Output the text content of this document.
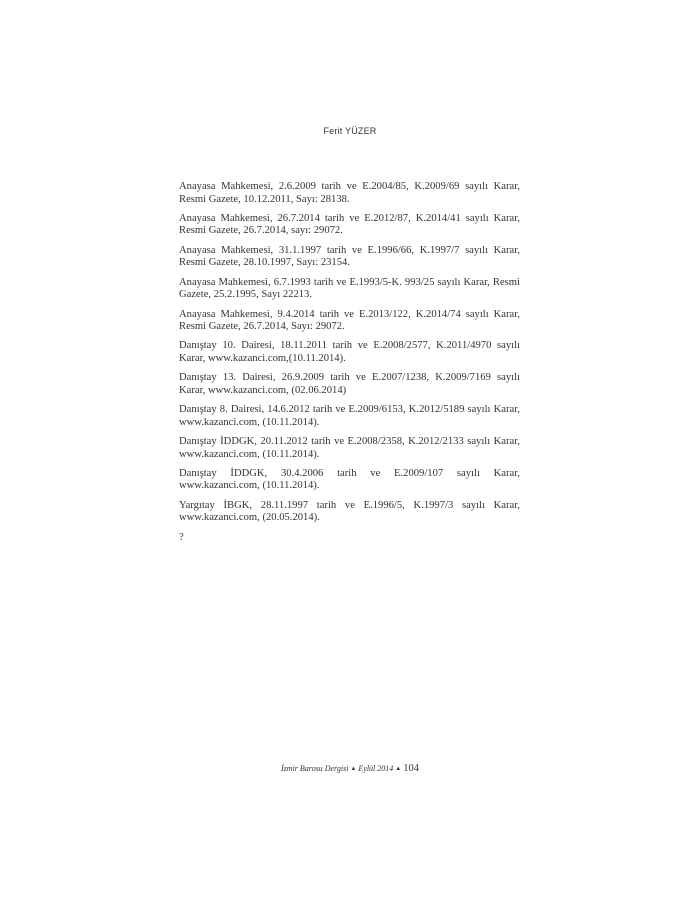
Ferit YÜZER

Anayasa Mahkemesi, 2.6.2009 tarih ve E.2004/85, K.2009/69 sayılı Karar, Resmi Gazete, 10.12.2011, Sayı: 28138.

Anayasa Mahkemesi, 26.7.2014 tarih ve E.2012/87, K.2014/41 sayılı Karar, Resmi Gazete, 26.7.2014, sayı: 29072.

Anayasa Mahkemesi, 31.1.1997 tarih ve E.1996/66, K.1997/7 sayılı Karar, Resmi Gazete, 28.10.1997, Sayı: 23154.

Anayasa Mahkemesi, 6.7.1993 tarih ve E.1993/5-K. 993/25 sayılı Karar, Resmi Gazete, 25.2.1995, Sayı 22213.

Anayasa Mahkemesi, 9.4.2014 tarih ve E.2013/122, K.2014/74 sayılı Karar, Resmi Gazete, 26.7.2014, Sayı: 29072.

Danıştay 10. Dairesi, 18.11.2011 tarih ve E.2008/2577, K.2011/4970 sayılı Karar, www.kazanci.com,(10.11.2014).

Danıştay 13. Dairesi, 26.9.2009 tarih ve E.2007/1238, K.2009/7169 sayılı Karar, www.kazanci.com, (02.06.2014)

Danıştay 8. Dairesi, 14.6.2012 tarih ve E.2009/6153, K.2012/5189 sayılı Karar, www.kazanci.com, (10.11.2014).

Danıştay İDDGK, 20.11.2012 tarih ve E.2008/2358, K.2012/2133 sayılı Karar, www.kazanci.com, (10.11.2014).

Danıştay İDDGK, 30.4.2006 tarih ve E.2009/107 sayılı Karar, www.kazanci.com, (10.11.2014).

Yargıtay İBGK, 28.11.1997 tarih ve E.1996/5, K.1997/3 sayılı Karar, www.kazanci.com, (20.05.2014).

?
İzmir Barosu Dergisi ▲ Eylül 2014 ▲ 104
